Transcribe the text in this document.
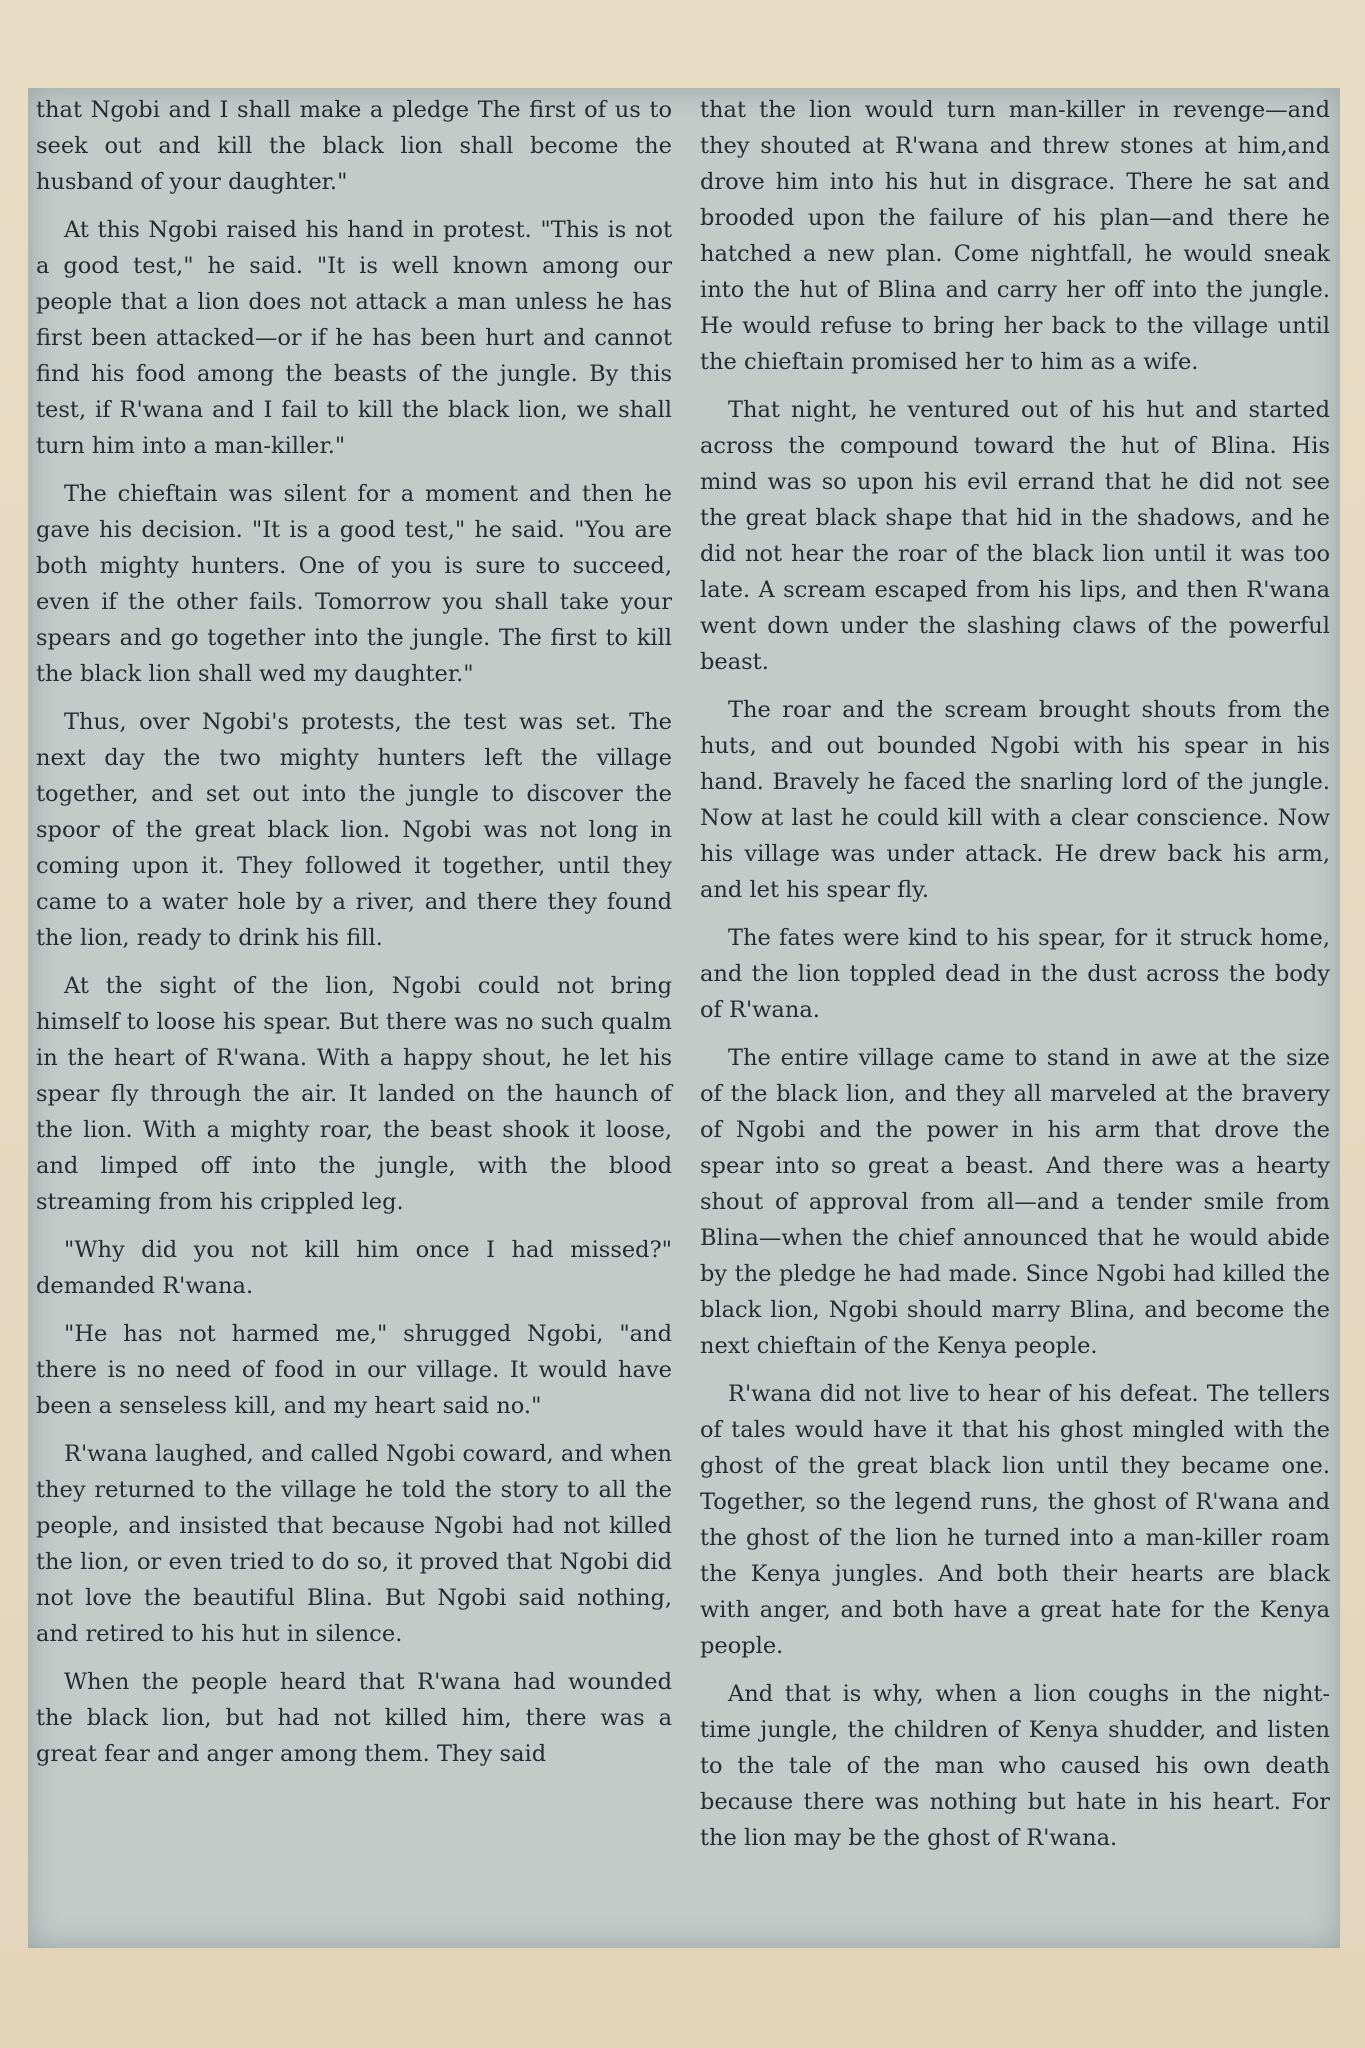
that Ngobi and I shall make a pledge The first of us to seek out and kill the black lion shall become the husband of your daughter."

At this Ngobi raised his hand in protest. "This is not a good test," he said. "It is well known among our people that a lion does not attack a man unless he has first been attacked—or if he has been hurt and cannot find his food among the beasts of the jungle. By this test, if R'wana and I fail to kill the black lion, we shall turn him into a man-killer."

The chieftain was silent for a moment and then he gave his decision. "It is a good test," he said. "You are both mighty hunters. One of you is sure to succeed, even if the other fails. Tomorrow you shall take your spears and go together into the jungle. The first to kill the black lion shall wed my daughter."

Thus, over Ngobi's protests, the test was set. The next day the two mighty hunters left the village together, and set out into the jungle to discover the spoor of the great black lion. Ngobi was not long in coming upon it. They followed it together, until they came to a water hole by a river, and there they found the lion, ready to drink his fill.

At the sight of the lion, Ngobi could not bring himself to loose his spear. But there was no such qualm in the heart of R'wana. With a happy shout, he let his spear fly through the air. It landed on the haunch of the lion. With a mighty roar, the beast shook it loose, and limped off into the jungle, with the blood streaming from his crippled leg.

"Why did you not kill him once I had missed?" demanded R'wana.

"He has not harmed me," shrugged Ngobi, "and there is no need of food in our village. It would have been a senseless kill, and my heart said no."

R'wana laughed, and called Ngobi coward, and when they returned to the village he told the story to all the people, and insisted that because Ngobi had not killed the lion, or even tried to do so, it proved that Ngobi did not love the beautiful Blina. But Ngobi said nothing, and retired to his hut in silence.

When the people heard that R'wana had wounded the black lion, but had not killed him, there was a great fear and anger among them. They said

that the lion would turn man-killer in revenge—and they shouted at R'wana and threw stones at him,and drove him into his hut in disgrace. There he sat and brooded upon the failure of his plan—and there he hatched a new plan. Come nightfall, he would sneak into the hut of Blina and carry her off into the jungle. He would refuse to bring her back to the village until the chieftain promised her to him as a wife.

That night, he ventured out of his hut and started across the compound toward the hut of Blina. His mind was so upon his evil errand that he did not see the great black shape that hid in the shadows, and he did not hear the roar of the black lion until it was too late. A scream escaped from his lips, and then R'wana went down under the slashing claws of the powerful beast.

The roar and the scream brought shouts from the huts, and out bounded Ngobi with his spear in his hand. Bravely he faced the snarling lord of the jungle. Now at last he could kill with a clear conscience. Now his village was under attack. He drew back his arm, and let his spear fly.

The fates were kind to his spear, for it struck home, and the lion toppled dead in the dust across the body of R'wana.

The entire village came to stand in awe at the size of the black lion, and they all marveled at the bravery of Ngobi and the power in his arm that drove the spear into so great a beast. And there was a hearty shout of approval from all—and a tender smile from Blina—when the chief announced that he would abide by the pledge he had made. Since Ngobi had killed the black lion, Ngobi should marry Blina, and become the next chieftain of the Kenya people.

R'wana did not live to hear of his defeat. The tellers of tales would have it that his ghost mingled with the ghost of the great black lion until they became one. Together, so the legend runs, the ghost of R'wana and the ghost of the lion he turned into a man-killer roam the Kenya jungles. And both their hearts are black with anger, and both have a great hate for the Kenya people.

And that is why, when a lion coughs in the night-time jungle, the children of Kenya shudder, and listen to the tale of the man who caused his own death because there was nothing but hate in his heart. For the lion may be the ghost of R'wana.
